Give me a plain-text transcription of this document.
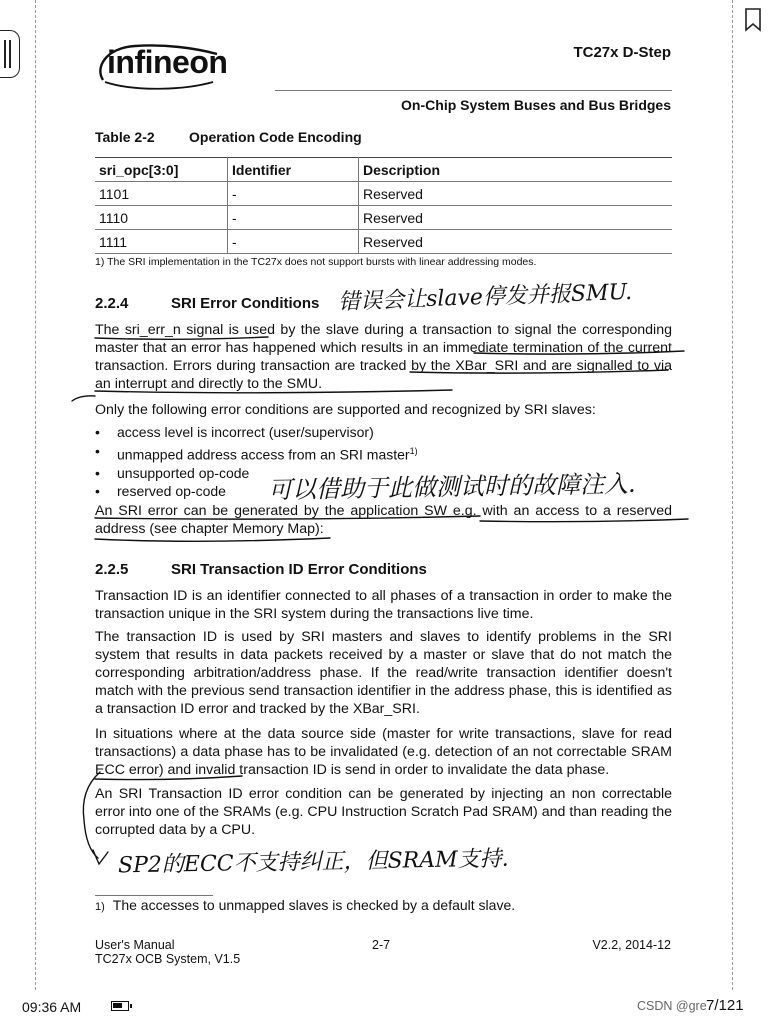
infineon	TC27x D-Step
On-Chip System Buses and Bus Bridges
Table 2-2 Operation Code Encoding
sri_opc[3:0]	Identifier	Description
1101	-	Reserved
1110	-	Reserved
1111	-	Reserved
1) The SRI implementation in the TC27x does not support bursts with linear addressing modes.
2.2.4	SRI Error Conditions
The sri_err_n signal is used by the slave during a transaction to signal the corresponding master that an error has happened which results in an immediate termination of the current transaction. Errors during transaction are tracked by the XBar_SRI and are signalled to via an interrupt and directly to the SMU.
Only the following error conditions are supported and recognized by SRI slaves:
• access level is incorrect (user/supervisor)
• unmapped address access from an SRI master$^{1)}$
• unsupported op-code
• reserved op-code
An SRI error can be generated by the application SW e.g. with an access to a reserved address (see chapter Memory Map):
2.2.5	SRI Transaction ID Error Conditions
Transaction ID is an identifier connected to all phases of a transaction in order to make the transaction unique in the SRI system during the transactions live time.
The transaction ID is used by SRI masters and slaves to identify problems in the SRI system that results in data packets received by a master or slave that do not match the corresponding arbitration/address phase. If the read/write transaction identifier doesn't match with the previous send transaction identifier in the address phase, this is identified as a transaction ID error and tracked by the XBar_SRI.
In situations where at the data source side (master for write transactions, slave for read transactions) a data phase has to be invalidated (e.g. detection of an not correctable SRAM ECC error) and invalid transaction ID is send in order to invalidate the data phase.
An SRI Transaction ID error condition can be generated by injecting an non correctable error into one of the SRAMs (e.g. CPU Instruction Scratch Pad SRAM) and than reading the corrupted data by a CPU.
1) The accesses to unmapped slaves is checked by a default slave.
User's Manual
TC27x OCB System, V1.5
2-7	V2.2, 2014-12
错误会让slave停发并报SMU.
可以借助于此做测试时的故障注入.
SP2的ECC不支持纠正，但SRAM支持.
09:36 AM	CSDN @gre 7/121
